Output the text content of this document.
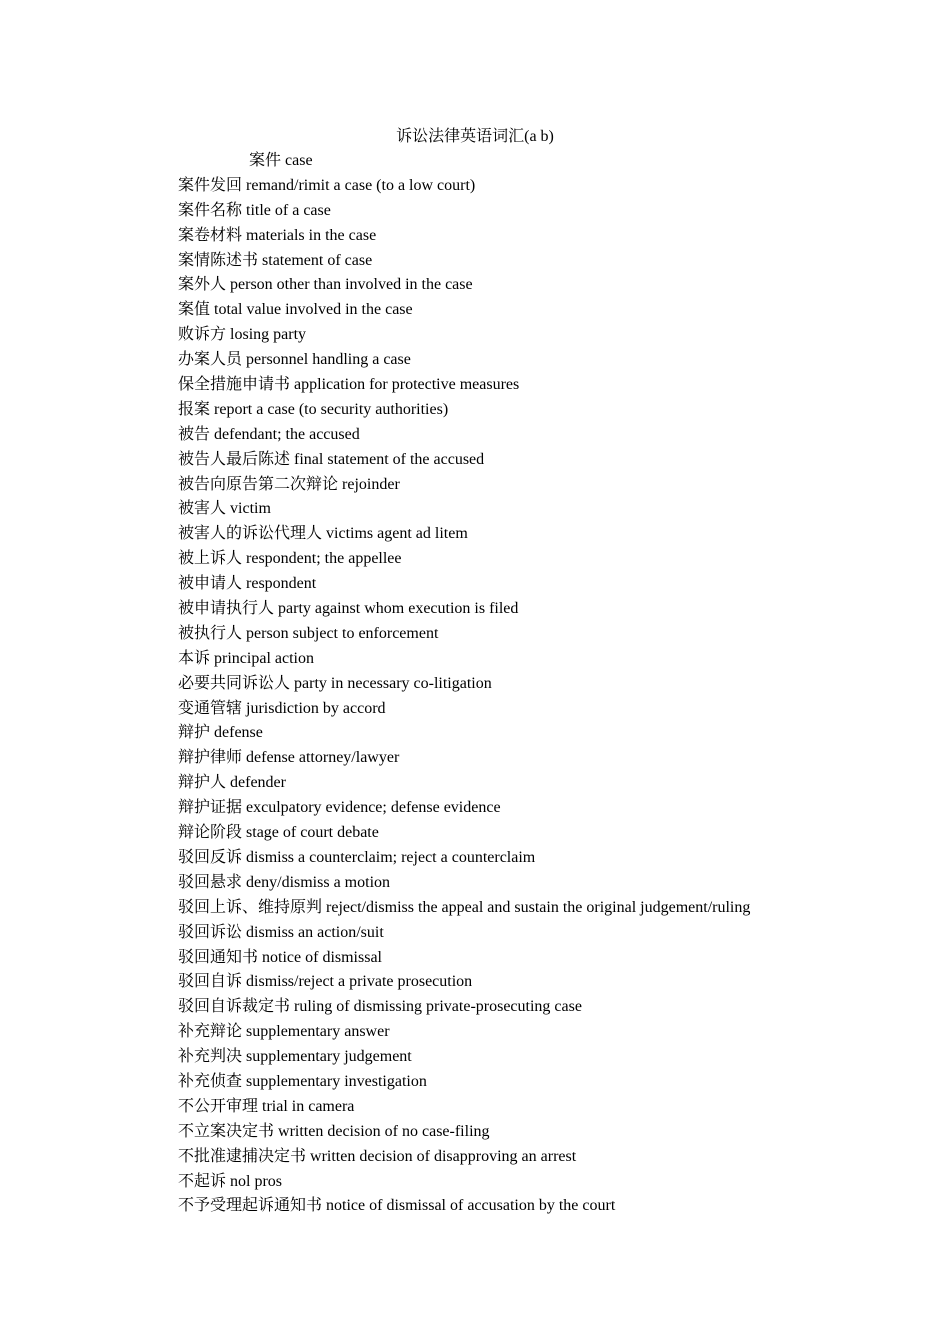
诉讼法律英语词汇(a b)
案件 case
案件发回 remand/rimit a case (to a low court)
案件名称 title of a case
案卷材料 materials in the case
案情陈述书 statement of case
案外人 person other than involved in the case
案值 total value involved in the case
败诉方 losing party
办案人员 personnel handling a case
保全措施申请书 application for protective measures
报案 report a case (to security authorities)
被告 defendant; the accused
被告人最后陈述 final statement of the accused
被告向原告第二次辩论 rejoinder
被害人 victim
被害人的诉讼代理人 victims agent ad litem
被上诉人 respondent; the appellee
被申请人 respondent
被申请执行人 party against whom execution is filed
被执行人 person subject to enforcement
本诉 principal action
必要共同诉讼人 party in necessary co-litigation
变通管辖 jurisdiction by accord
辩护 defense
辩护律师 defense attorney/lawyer
辩护人 defender
辩护证据 exculpatory evidence; defense evidence
辩论阶段 stage of court debate
驳回反诉 dismiss a counterclaim; reject a counterclaim
驳回悬求 deny/dismiss a motion
驳回上诉、维持原判 reject/dismiss the appeal and sustain the original judgement/ruling
驳回诉讼 dismiss an action/suit
驳回通知书 notice of dismissal
驳回自诉 dismiss/reject a private prosecution
驳回自诉裁定书 ruling of dismissing private-prosecuting case
补充辩论 supplementary answer
补充判决 supplementary judgement
补充侦查 supplementary investigation
不公开审理 trial in camera
不立案决定书 written decision of no case-filing
不批准逮捕决定书 written decision of disapproving an arrest
不起诉 nol pros
不予受理起诉通知书 notice of dismissal of accusation by the court
